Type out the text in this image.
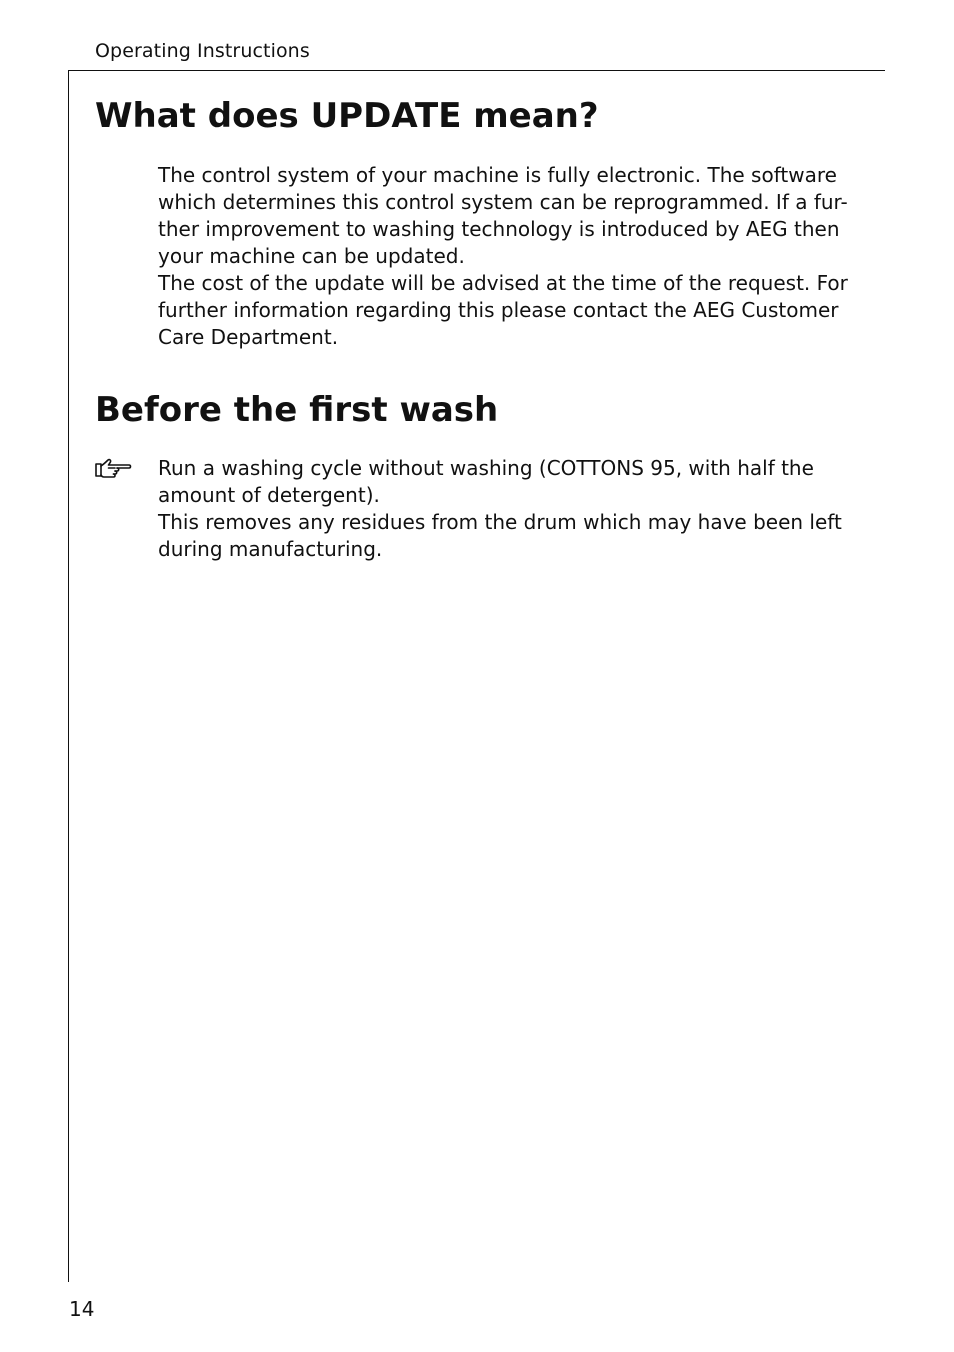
Operating Instructions
What does UPDATE mean?

The control system of your machine is fully electronic. The software

which determines this control system can be reprogrammed. If a fur-

ther improvement to washing technology is introduced by AEG then

your machine can be updated.

The cost of the update will be advised at the time of the request. For

further information regarding this please contact the AEG Customer

Care Department.

Before the first wash

Run a washing cycle without washing (COTTONS 95, with half the

amount of detergent).

This removes any residues from the drum which may have been left

during manufacturing.

14
